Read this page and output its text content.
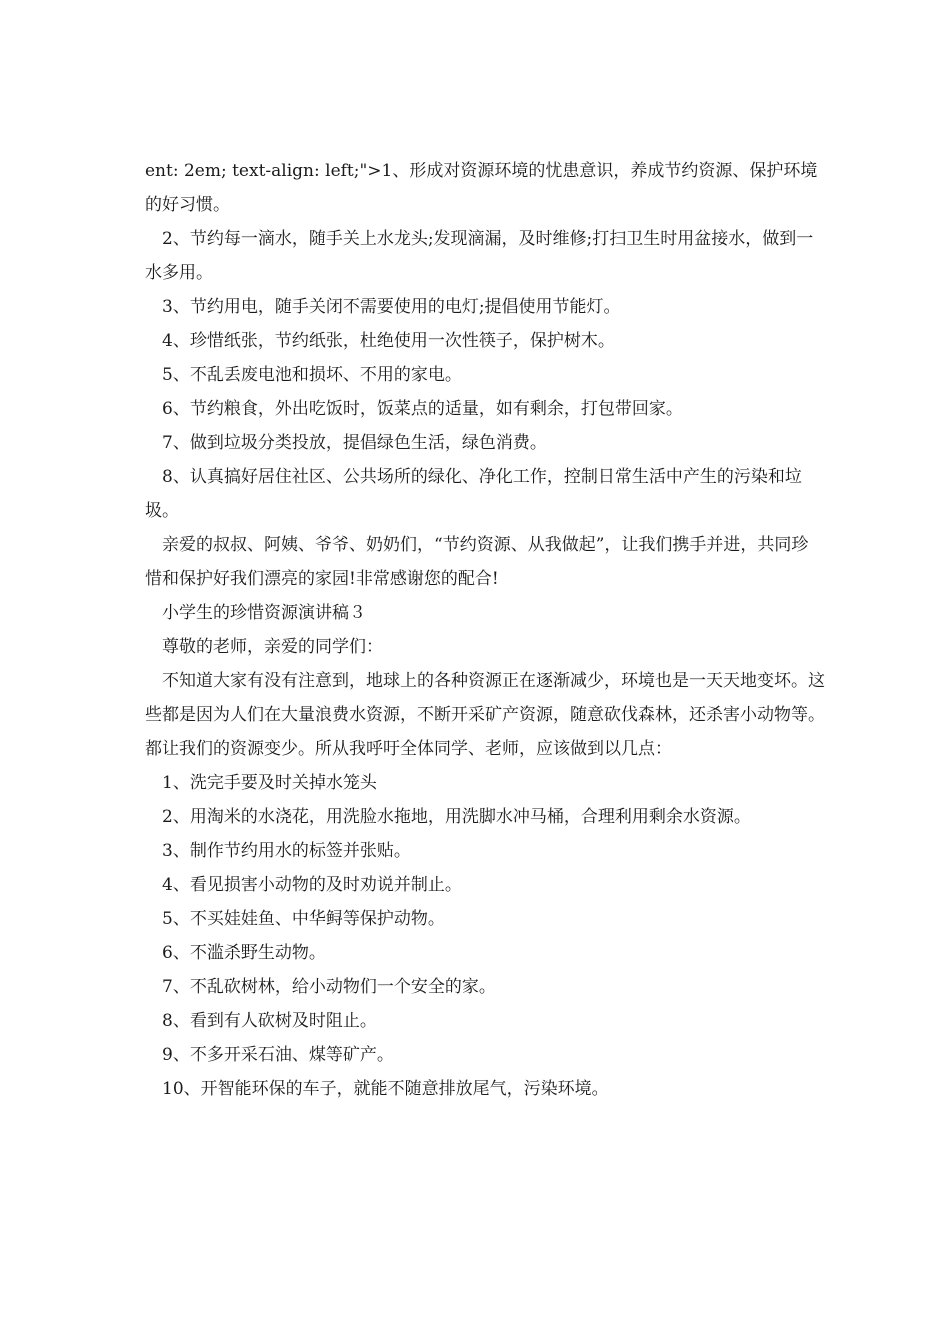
ent: 2em; text-align: left;">1、形成对资源环境的忧患意识，养成节约资源、保护环境的好习惯。

2、节约每一滴水，随手关上水龙头;发现滴漏，及时维修;打扫卫生时用盆接水，做到一水多用。

3、节约用电，随手关闭不需要使用的电灯;提倡使用节能灯。

4、珍惜纸张，节约纸张，杜绝使用一次性筷子，保护树木。

5、不乱丢废电池和损坏、不用的家电。

6、节约粮食，外出吃饭时，饭菜点的适量，如有剩余，打包带回家。

7、做到垃圾分类投放，提倡绿色生活，绿色消费。

8、认真搞好居住社区、公共场所的绿化、净化工作，控制日常生活中产生的污染和垃圾。

亲爱的叔叔、阿姨、爷爷、奶奶们，“节约资源、从我做起”，让我们携手并进，共同珍惜和保护好我们漂亮的家园!非常感谢您的配合!

小学生的珍惜资源演讲稿３

尊敬的老师，亲爱的同学们：

不知道大家有没有注意到，地球上的各种资源正在逐渐减少，环境也是一天天地变坏。这些都是因为人们在大量浪费水资源，不断开采矿产资源，随意砍伐森林，还杀害小动物等。都让我们的资源变少。所从我呼吁全体同学、老师，应该做到以几点：

1、洗完手要及时关掉水笼头

2、用淘米的水浇花，用洗脸水拖地，用洗脚水冲马桶，合理利用剩余水资源。

3、制作节约用水的标签并张贴。

4、看见损害小动物的及时劝说并制止。

5、不买娃娃鱼、中华鲟等保护动物。

6、不滥杀野生动物。

7、不乱砍树林，给小动物们一个安全的家。

8、看到有人砍树及时阻止。

9、不多开采石油、煤等矿产。

10、开智能环保的车子，就能不随意排放尾气，污染环境。
